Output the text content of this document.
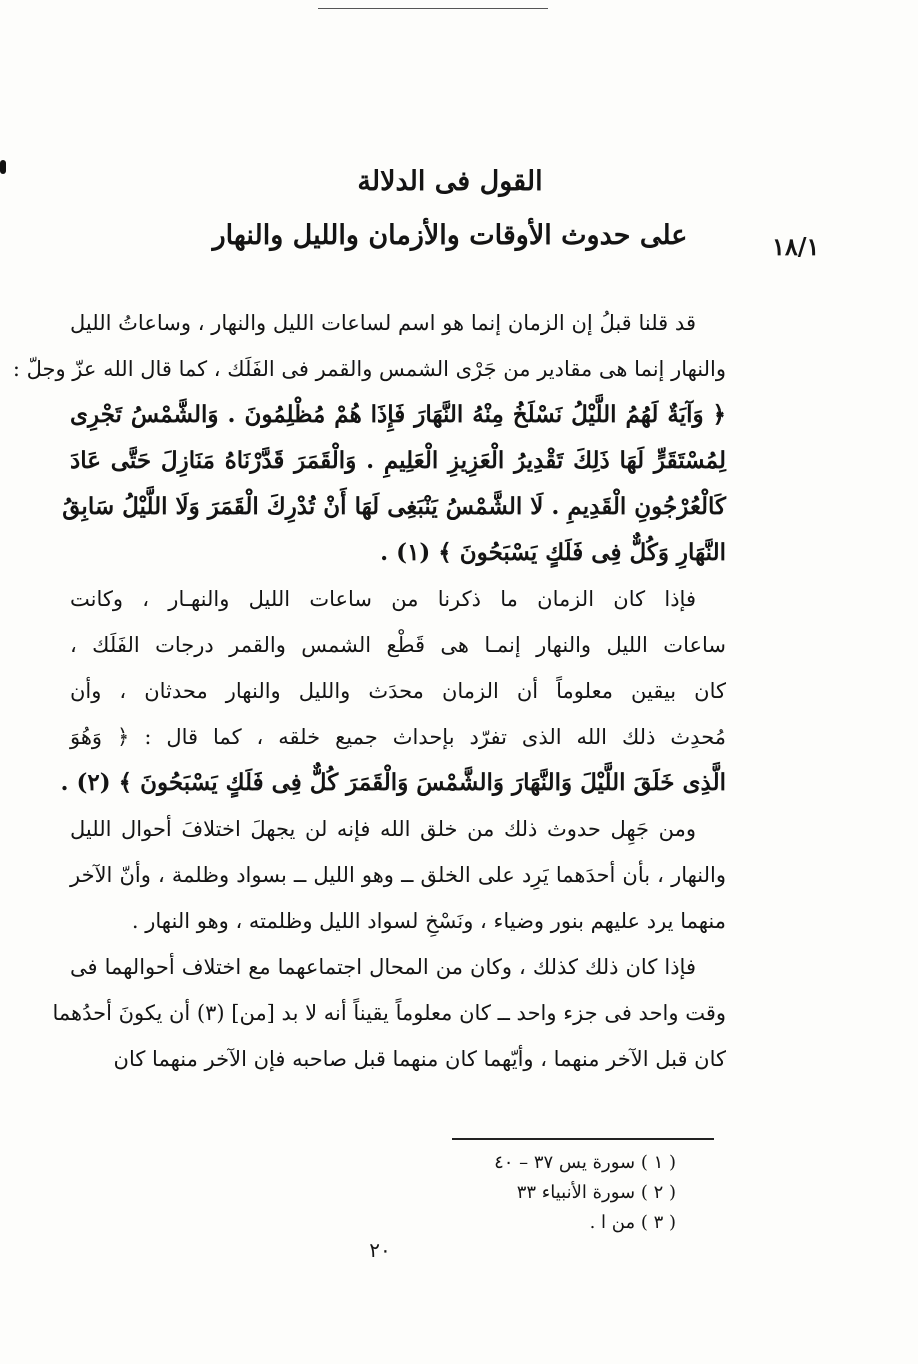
القول فى الدلالة
على حدوث الأوقات والأزمان والليل والنهار	١٨/١
قد قلنا قبلُ إن الزمان إنما هو اسم لساعات الليل والنهار ، وساعاتُ الليل
والنهار إنما هى مقادير من جَرْى الشمس والقمر فى الفَلَك ، كما قال الله عزّ وجلّ :
﴿ وَآيَةٌ لَهُمُ اللَّيْلُ نَسْلَخُ مِنْهُ النَّهَارَ فَإِذَا هُمْ مُظْلِمُونَ . وَالشَّمْسُ تَجْرِى
لِمُسْتَقَرٍّ لَهَا ذَلِكَ تَقْدِيرُ الْعَزِيزِ الْعَلِيمِ . وَالْقَمَرَ قَدَّرْنَاهُ مَنَازِلَ حَتَّى عَادَ
كَالْعُرْجُونِ الْقَدِيمِ . لَا الشَّمْسُ يَنْبَغِى لَهَا أَنْ تُدْرِكَ الْقَمَرَ وَلَا اللَّيْلُ سَابِقُ
النَّهَارِ وَكُلٌّ فِى فَلَكٍ يَسْبَحُونَ ﴾ (١) .
فإذا كان الزمان ما ذكرنا من ساعات الليل والنهـار ، وكانت
ساعات الليل والنهار إنمـا هى قَطْع الشمس والقمر درجات الفَلَك ،
كان بيقين معلوماً أن الزمان محدَث والليل والنهار محدثان ، وأن
مُحدِث ذلك الله الذى تفرّد بإحداث جميع خلقه ، كما قال : ﴿ وَهُوَ
الَّذِى خَلَقَ اللَّيْلَ وَالنَّهَارَ وَالشَّمْسَ وَالْقَمَرَ كُلٌّ فِى فَلَكٍ يَسْبَحُونَ ﴾ (٢) .
ومن جَهِل حدوث ذلك من خلق الله فإنه لن يجهلَ اختلافَ أحوال الليل
والنهار ، بأن أحدَهما يَرِد على الخلق ــ وهو الليل ــ بسواد وظلمة ، وأنّ الآخر
منهما يرد عليهم بنور وضياء ، ونَسْخِ لسواد الليل وظلمته ، وهو النهار .
فإذا كان ذلك كذلك ، وكان من المحال اجتماعهما مع اختلاف أحوالهما فى
وقت واحد فى جزء واحد ــ كان معلوماً يقيناً أنه لا بد [من] (٣) أن يكونَ أحدُهما
كان قبل الآخر منهما ، وأيّهما كان منهما قبل صاحبه فإن الآخر منهما كان
( ١ ) سورة يس ٣٧ – ٤٠
( ٢ ) سورة الأنبياء ٣٣
( ٣ ) من ا .
٢٠
